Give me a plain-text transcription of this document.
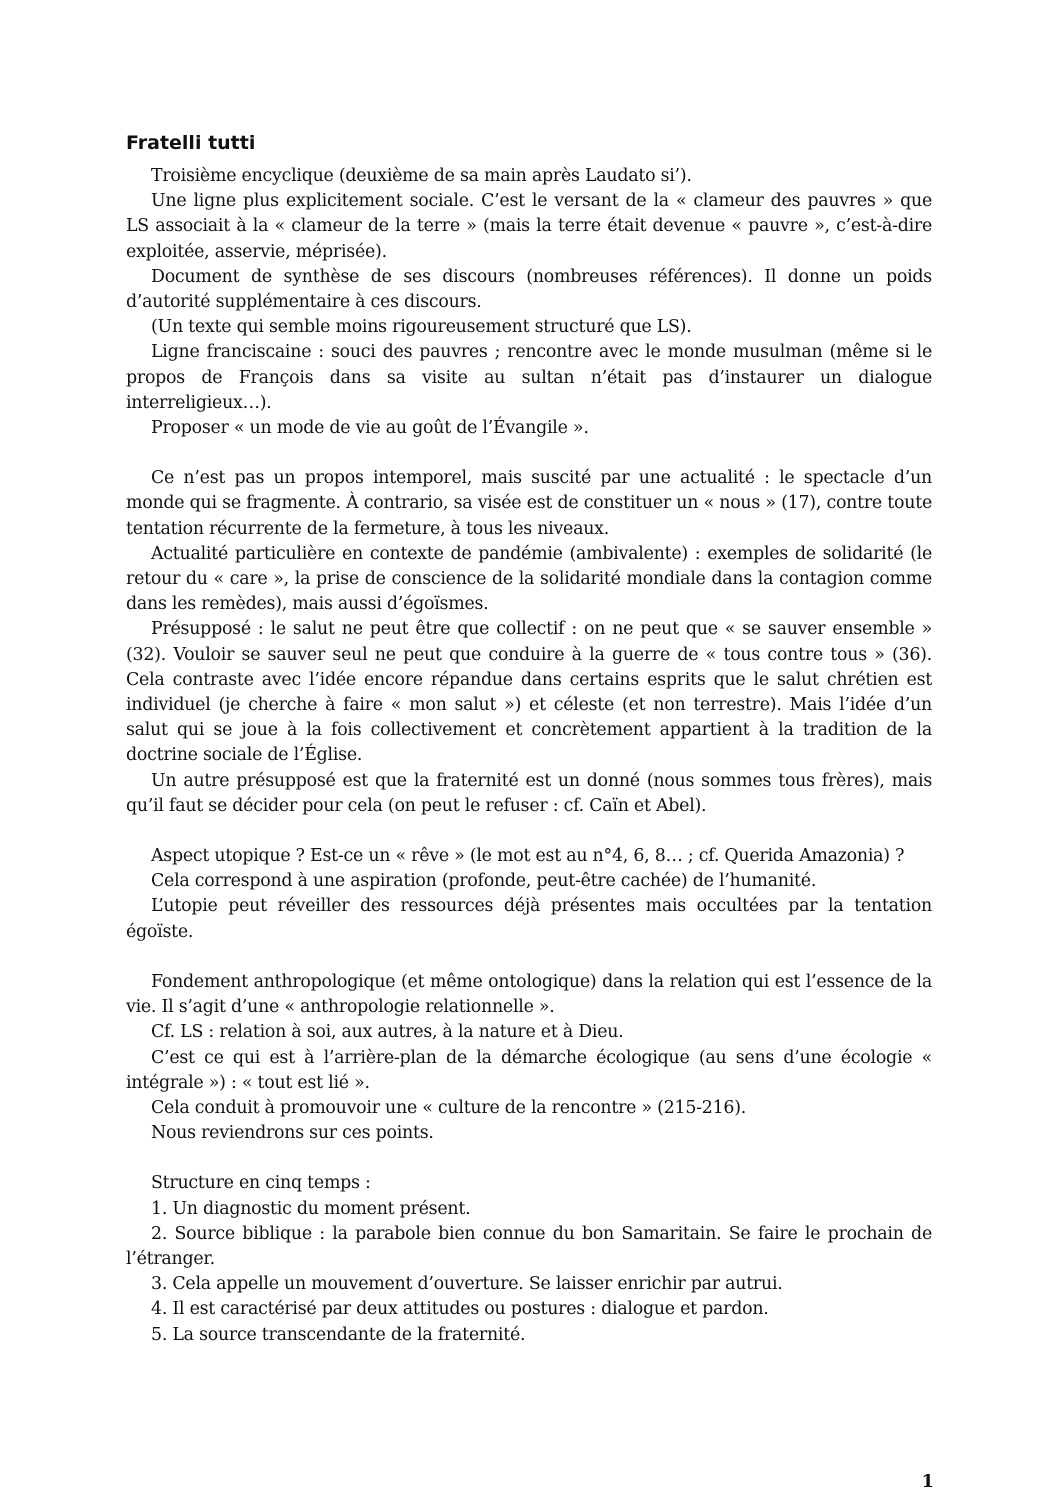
Fratelli tutti

Troisième encyclique (deuxième de sa main après Laudato si’).

Une ligne plus explicitement sociale. C’est le versant de la « clameur des pauvres » que LS associait à la « clameur de la terre » (mais la terre était devenue « pauvre », c’est-à-dire exploitée, asservie, méprisée).

Document de synthèse de ses discours (nombreuses références). Il donne un poids d’autorité supplémentaire à ces discours.

(Un texte qui semble moins rigoureusement structuré que LS).

Ligne franciscaine : souci des pauvres ; rencontre avec le monde musulman (même si le propos de François dans sa visite au sultan n’était pas d’instaurer un dialogue interreligieux…).

Proposer « un mode de vie au goût de l’Évangile ».

Ce n’est pas un propos intemporel, mais suscité par une actualité : le spectacle d’un monde qui se fragmente. À contrario, sa visée est de constituer un « nous » (17), contre toute tentation récurrente de la fermeture, à tous les niveaux.

Actualité particulière en contexte de pandémie (ambivalente) : exemples de solidarité (le retour du « care », la prise de conscience de la solidarité mondiale dans la contagion comme dans les remèdes), mais aussi d’égoïsmes.

Présupposé : le salut ne peut être que collectif : on ne peut que « se sauver ensemble » (32). Vouloir se sauver seul ne peut que conduire à la guerre de « tous contre tous » (36). Cela contraste avec l’idée encore répandue dans certains esprits que le salut chrétien est individuel (je cherche à faire « mon salut ») et céleste (et non terrestre). Mais l’idée d’un salut qui se joue à la fois collectivement et concrètement appartient à la tradition de la doctrine sociale de l’Église.

Un autre présupposé est que la fraternité est un donné (nous sommes tous frères), mais qu’il faut se décider pour cela (on peut le refuser : cf. Caïn et Abel).

Aspect utopique ? Est-ce un « rêve » (le mot est au n°4, 6, 8… ; cf. Querida Amazonia) ?

Cela correspond à une aspiration (profonde, peut-être cachée) de l’humanité.

L’utopie peut réveiller des ressources déjà présentes mais occultées par la tentation égoïste.

Fondement anthropologique (et même ontologique) dans la relation qui est l’essence de la vie. Il s’agit d’une « anthropologie relationnelle ».

Cf. LS : relation à soi, aux autres, à la nature et à Dieu.

C’est ce qui est à l’arrière-plan de la démarche écologique (au sens d’une écologie « intégrale ») : « tout est lié ».

Cela conduit à promouvoir une « culture de la rencontre » (215-216).

Nous reviendrons sur ces points.

Structure en cinq temps :

1. Un diagnostic du moment présent.

2. Source biblique : la parabole bien connue du bon Samaritain. Se faire le prochain de l’étranger.

3. Cela appelle un mouvement d’ouverture. Se laisser enrichir par autrui.

4. Il est caractérisé par deux attitudes ou postures : dialogue et pardon.

5. La source transcendante de la fraternité.

1
